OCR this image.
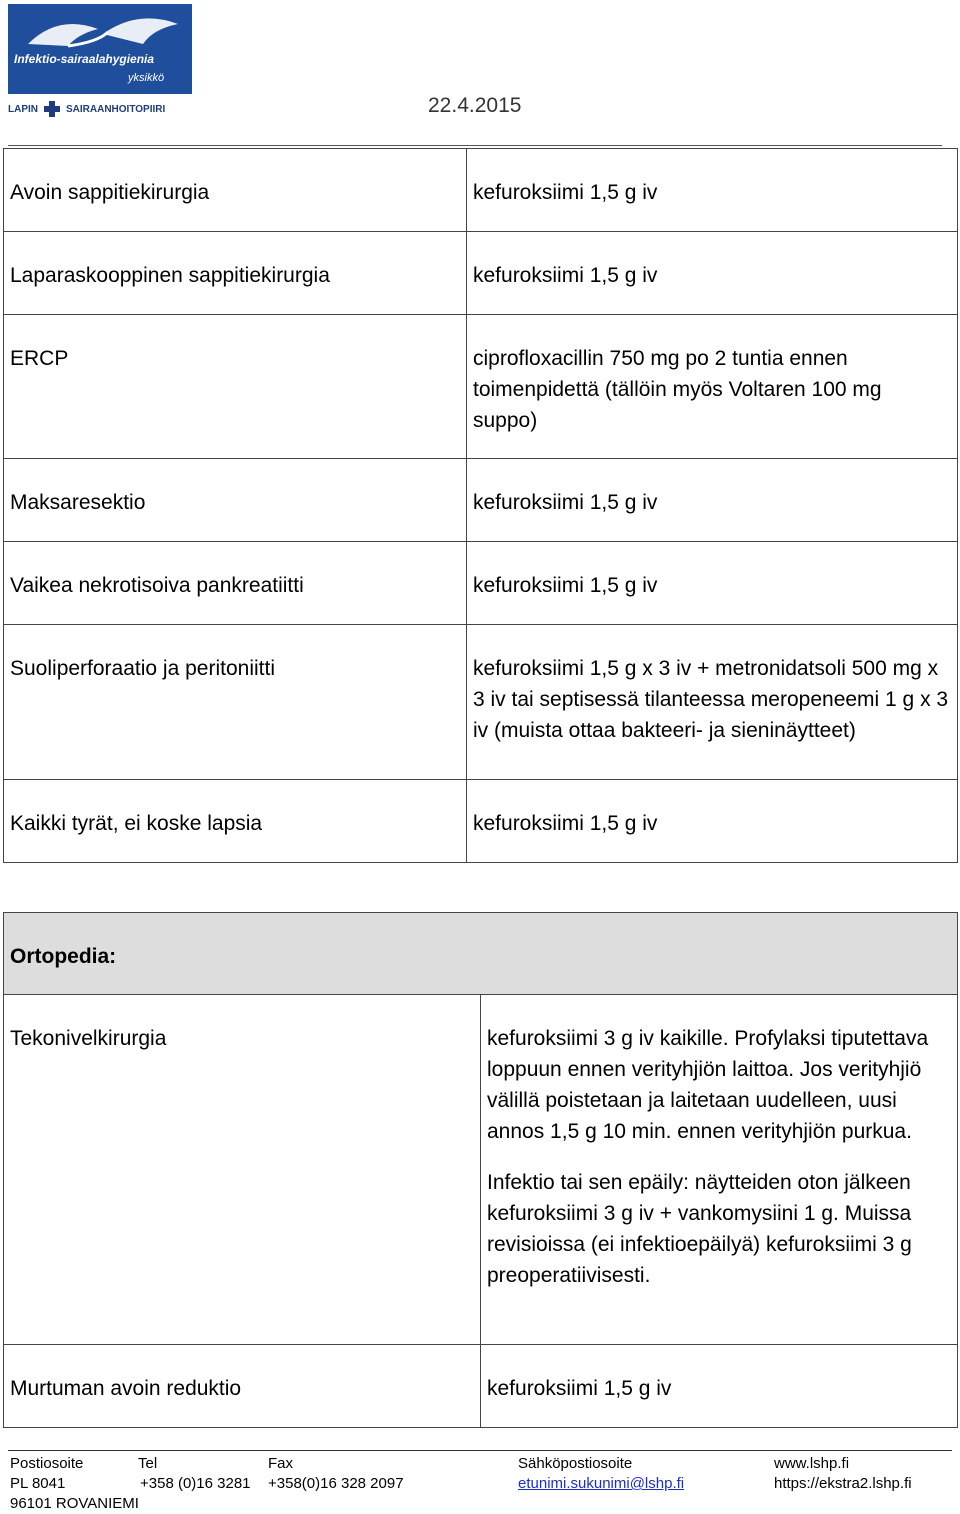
Infektio-sairaalahygienia
yksikkö
LAPIN	SAIRAANHOITOPIIRI	22.4.2015
Avoin sappitiekirurgia	kefuroksiimi 1,5 g iv
Laparaskooppinen sappitiekirurgia	kefuroksiimi 1,5 g iv
ERCP	ciprofloxacillin 750 mg po 2 tuntia ennen toimenpidettä (tällöin myös Voltaren 100 mg suppo)
Maksaresektio	kefuroksiimi 1,5 g iv
Vaikea nekrotisoiva pankreatiitti	kefuroksiimi 1,5 g iv
Suoliperforaatio ja peritoniitti	kefuroksiimi 1,5 g x 3 iv + metronidatsoli 500 mg x 3 iv tai septisessä tilanteessa meropeneemi 1 g x 3 iv (muista ottaa bakteeri- ja sieninäytteet)
Kaikki tyrät, ei koske lapsia	kefuroksiimi 1,5 g iv
Ortopedia:	
Tekonivelkirurgia	kefuroksiimi 3 g iv kaikille. Profylaksi tiputettava loppuun ennen verityhjiön laittoa. Jos verityhjiö välillä poistetaan ja laitetaan uudelleen, uusi annos 1,5 g 10 min. ennen verityhjiön purkua.
Infektio tai sen epäily: näytteiden oton jälkeen kefuroksiimi 3 g iv + vankomysiini 1 g. Muissa revisioissa (ei infektioepäilyä) kefuroksiimi 3 g preoperatiivisesti.

Murtuman avoin reduktio	kefuroksiimi 1,5 g iv
Postiosoite
PL 8041
96101 ROVANIEMI
Tel
+358 (0)16 3281
Fax
+358(0)16 328 2097
Sähköpostiosoite
etunimi.sukunimi@lshp.fi
www.lshp.fi
https://ekstra2.lshp.fi
